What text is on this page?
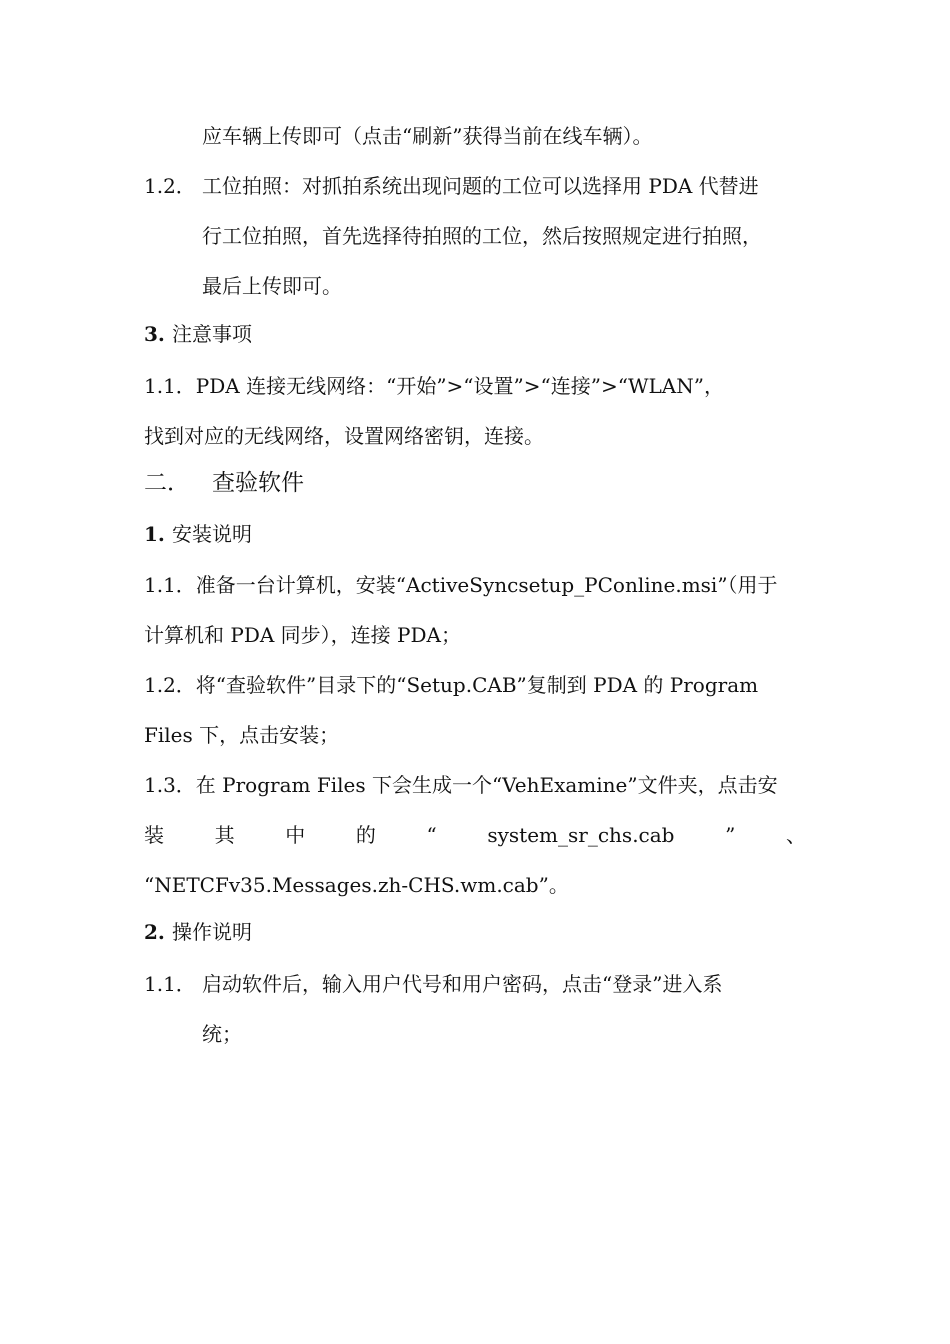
应车辆上传即可（点击“刷新”获得当前在线车辆）。
1.2． 工位拍照：对抓拍系统出现问题的工位可以选择用 PDA 代替进
行工位拍照，首先选择待拍照的工位，然后按照规定进行拍照，
最后上传即可。
3. 注意事项
1.1．PDA 连接无线网络：“开始”>“设置”>“连接”>“WLAN”，
找到对应的无线网络，设置网络密钥，连接。
二． 查验软件
1. 安装说明
1.1．准备一台计算机，安装“ActiveSyncsetup_PConline.msi”（用于
计算机和 PDA 同步），连接 PDA；
1.2．将“查验软件”目录下的“Setup.CAB”复制到 PDA 的 Program
Files 下，点击安装；
1.3．在 Program Files 下会生成一个“VehExamine”文件夹，点击安
装	其	中	的	“	system_sr_chs.cab	”	、
“NETCFv35.Messages.zh-CHS.wm.cab”。
2. 操作说明
1.1． 启动软件后，输入用户代号和用户密码，点击“登录”进入系
统；
